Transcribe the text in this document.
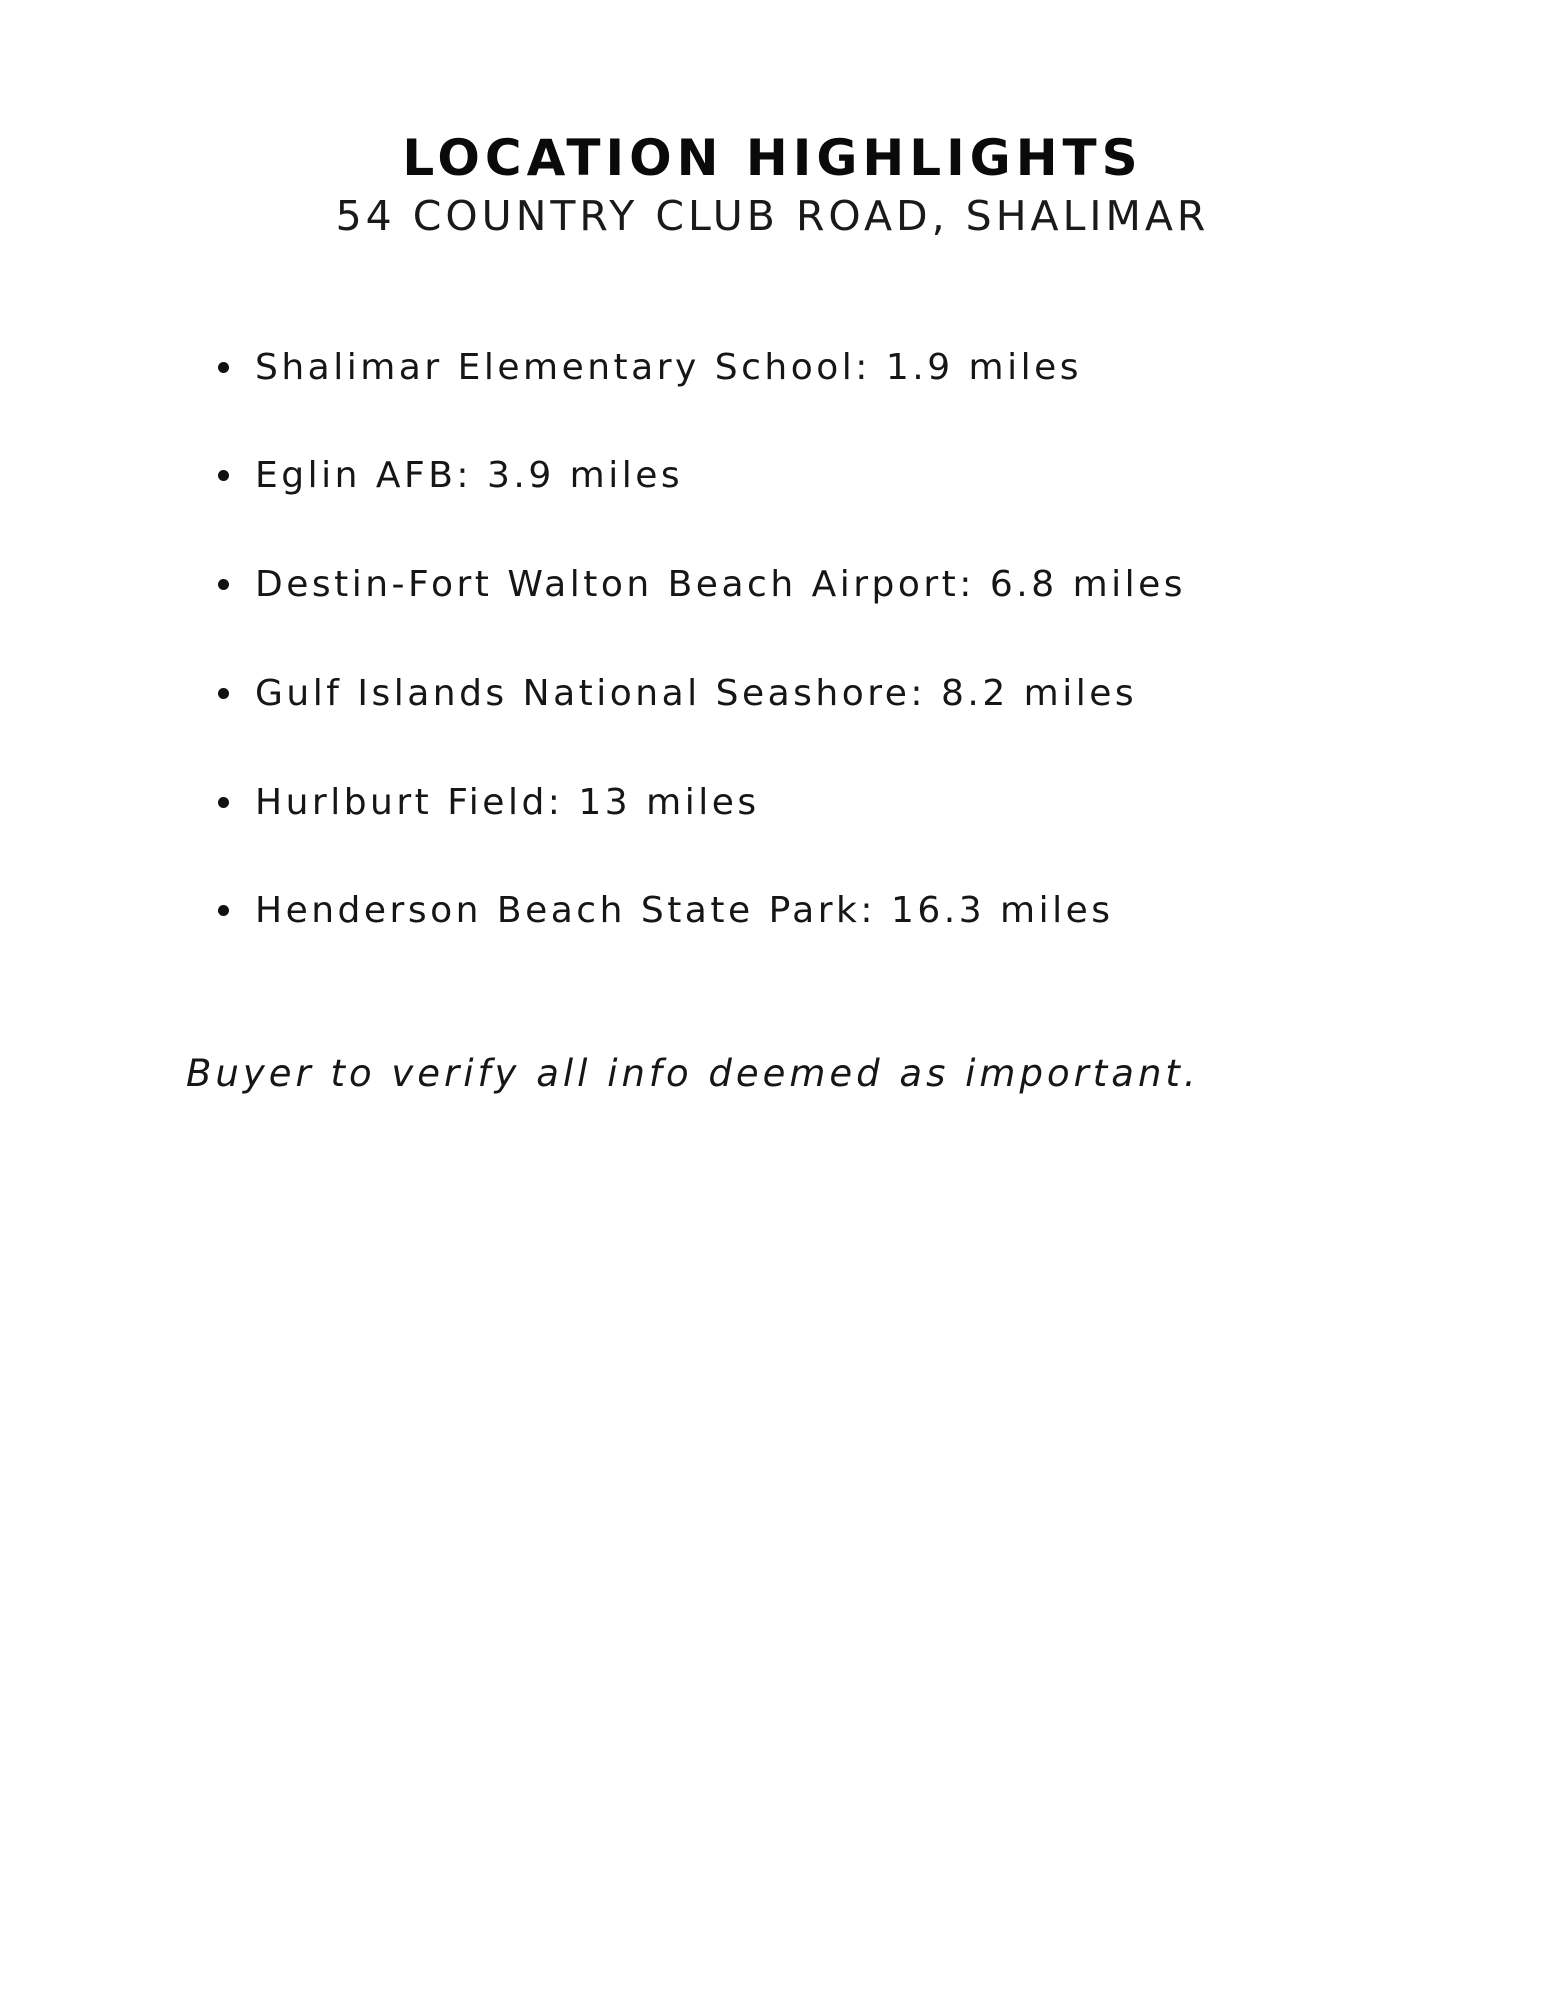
LOCATION HIGHLIGHTS
54 COUNTRY CLUB ROAD, SHALIMAR
Shalimar Elementary School: 1.9 miles
Eglin AFB: 3.9 miles
Destin-Fort Walton Beach Airport: 6.8 miles
Gulf Islands National Seashore: 8.2 miles
Hurlburt Field: 13 miles
Henderson Beach State Park: 16.3 miles
Buyer to verify all info deemed as important.
